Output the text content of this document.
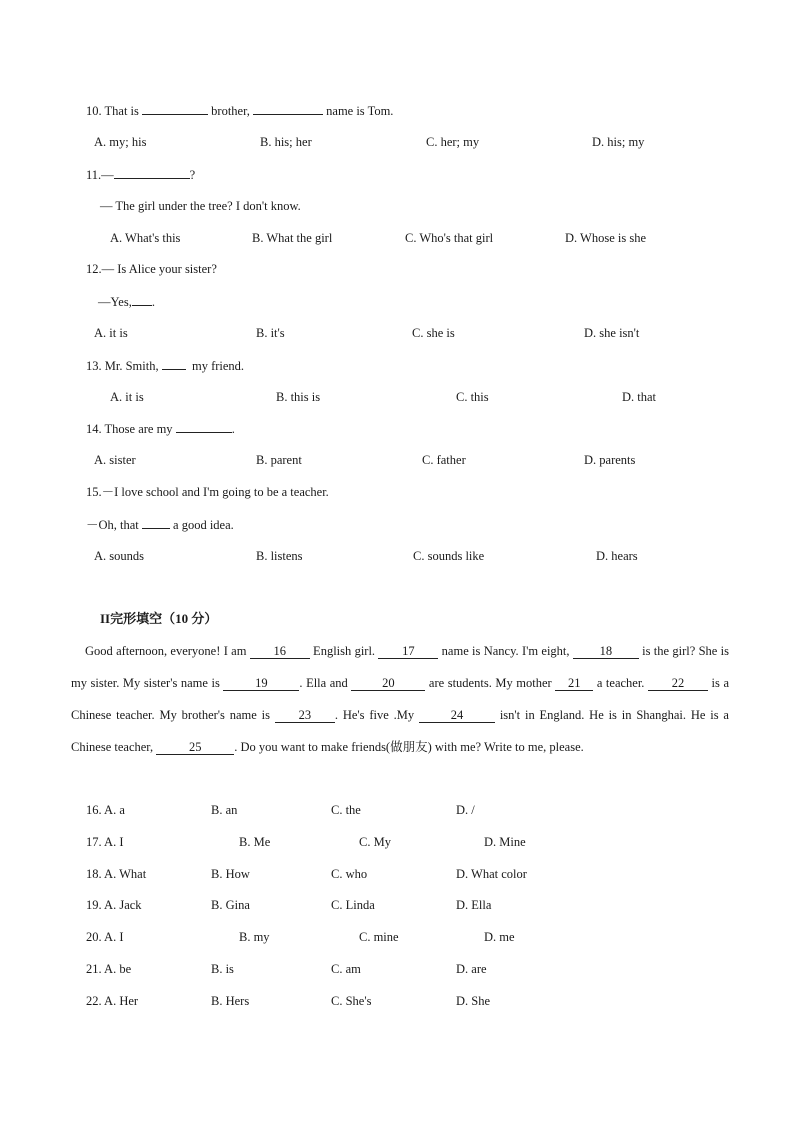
10. That is	brother,	name is Tom.
A. my; his	B. his; her	C. her; my	D. his; my
11.—	?
— The girl under the tree? I don't know.
A. What's this	B. What the girl	C. Who's that girl	D. Whose is she
12.— Is Alice your sister?
—Yes, .
A. it is	B. it's	C. she is	D. she isn't
13. Mr. Smith,   my friend.
A. it is	B. this is	C. this	D. that
14. Those are my	.
A. sister	B. parent	C. father	D. parents
15.－I love school and I'm going to be a teacher.
－Oh, that  a good idea.
A. sounds	B. listens	C. sounds like	D. hears
II完形填空（10 分）
Good afternoon, everyone! I am 16 English girl. 17 name is Nancy. I'm eight, 18 is the girl? She is my sister. My sister's name is	19	. Ella and 20 are students. My mother 21 a teacher. 22 is a Chinese teacher. My brother's name is 23 . He's five .My	24	isn't in England. He is in Shanghai. He is a Chinese teacher,	25	. Do you want to make friends(做朋友) with me? Write to me, please.
16. A. a	B. an	C. the	D. /
17. A. I	B. Me	C. My	D. Mine
18. A. What	B. How	C. who	D. What color
19. A. Jack	B. Gina	C. Linda	D. Ella
20. A. I	B. my	C. mine	D. me
21. A. be	B. is	C. am	D. are
22. A. Her	B. Hers	C. She's	D. She
